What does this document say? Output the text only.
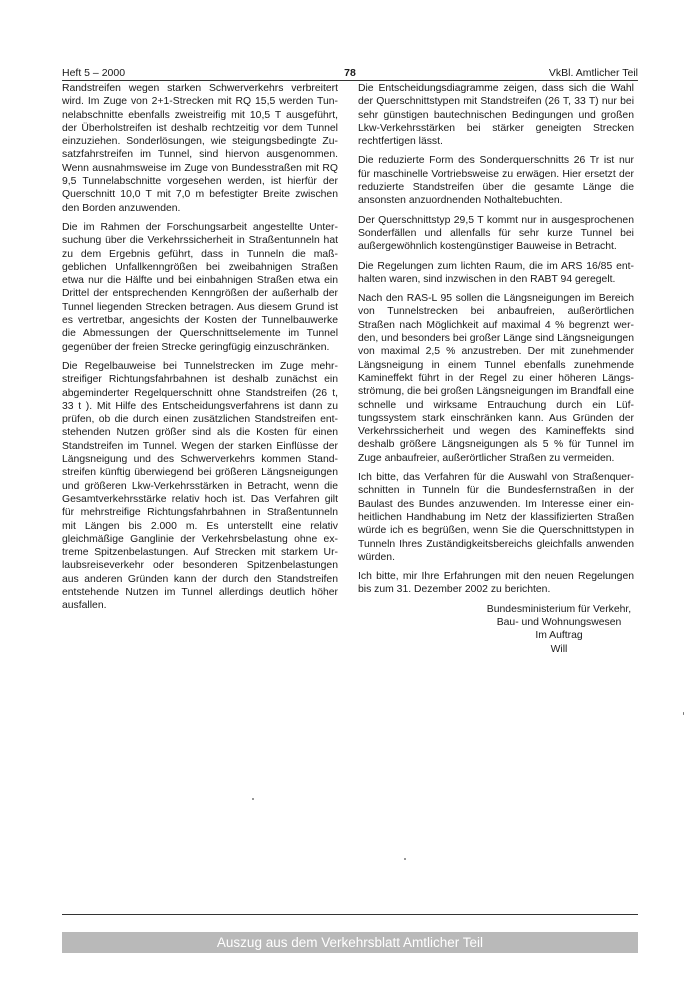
Heft 5 – 2000	78	VkBl. Amtlicher Teil

Randstreifen wegen starken Schwerverkehrs verbreitert wird. Im Zuge von 2+1-Strecken mit RQ 15,5 werden Tunnelabschnitte ebenfalls zweistreifig mit 10,5 T ausgeführt, der Überholstreifen ist deshalb rechtzeitig vor dem Tunnel einzuziehen. Sonderlösungen, wie steigungsbedingte Zusatzfahrstreifen im Tunnel, sind hiervon ausgenommen. Wenn ausnahmsweise im Zuge von Bundesstraßen mit RQ 9,5 Tunnelabschnitte vorgesehen werden, ist hierfür der Querschnitt 10,0 T mit 7,0 m befestigter Breite zwischen den Borden anzuwenden.

Die im Rahmen der Forschungsarbeit angestellte Untersuchung über die Verkehrssicherheit in Straßentunneln hat zu dem Ergebnis geführt, dass in Tunneln die maßgeblichen Unfallkenngrößen bei zweibahnigen Straßen etwa nur die Hälfte und bei einbahnigen Straßen etwa ein Drittel der entsprechenden Kenngrößen der außerhalb der Tunnel liegenden Strecken betragen. Aus diesem Grund ist es vertretbar, angesichts der Kosten der Tunnelbauwerke die Abmessungen der Querschnittselemente im Tunnel gegenüber der freien Strecke geringfügig einzuschränken.

Die Regelbauweise bei Tunnelstrecken im Zuge mehrstreifiger Richtungsfahrbahnen ist deshalb zunächst ein abgeminderter Regelquerschnitt ohne Standstreifen (26 t, 33 t ). Mit Hilfe des Entscheidungsverfahrens ist dann zu prüfen, ob die durch einen zusätzlichen Standstreifen entstehenden Nutzen größer sind als die Kosten für einen Standstreifen im Tunnel. Wegen der starken Einflüsse der Längsneigung und des Schwerverkehrs kommen Standstreifen künftig überwiegend bei größeren Längsneigungen und größeren Lkw-Verkehrsstärken in Betracht, wenn die Gesamtverkehrsstärke relativ hoch ist. Das Verfahren gilt für mehrstreifige Richtungsfahrbahnen in Straßentunneln mit Längen bis 2.000 m. Es unterstellt eine relativ gleichmäßige Ganglinie der Verkehrsbelastung ohne extreme Spitzenbelastungen. Auf Strecken mit starkem Urlaubsreiseverkehr oder besonderen Spitzenbelastungen aus anderen Gründen kann der durch den Standstreifen entstehende Nutzen im Tunnel allerdings deutlich höher ausfallen.

Die Entscheidungsdiagramme zeigen, dass sich die Wahl der Querschnittstypen mit Standstreifen (26 T, 33 T) nur bei sehr günstigen bautechnischen Bedingungen und großen Lkw-Verkehrsstärken bei stärker geneigten Strecken rechtfertigen lässt.

Die reduzierte Form des Sonderquerschnitts 26 Tr ist nur für maschinelle Vortriebsweise zu erwägen. Hier ersetzt der reduzierte Standstreifen über die gesamte Länge die ansonsten anzuordnenden Nothaltebuchten.

Der Querschnittstyp 29,5 T kommt nur in ausgesprochenen Sonderfällen und allenfalls für sehr kurze Tunnel bei außergewöhnlich kostengünstiger Bauweise in Betracht.

Die Regelungen zum lichten Raum, die im ARS 16/85 enthalten waren, sind inzwischen in den RABT 94 geregelt.

Nach den RAS-L 95 sollen die Längsneigungen im Bereich von Tunnelstrecken bei anbaufreien, außerörtlichen Straßen nach Möglichkeit auf maximal 4 % begrenzt werden, und besonders bei großer Länge sind Längsneigungen von maximal 2,5 % anzustreben. Der mit zunehmender Längsneigung in einem Tunnel ebenfalls zunehmende Kamineffekt führt in der Regel zu einer höheren Längsströmung, die bei großen Längsneigungen im Brandfall eine schnelle und wirksame Entrauchung durch ein Lüftungssystem stark einschränken kann. Aus Gründen der Verkehrssicherheit und wegen des Kamineffekts sind deshalb größere Längsneigungen als 5 % für Tunnel im Zuge anbaufreier, außerörtlicher Straßen zu vermeiden.

Ich bitte, das Verfahren für die Auswahl von Straßenquerschnitten in Tunneln für die Bundesfernstraßen in der Baulast des Bundes anzuwenden. Im Interesse einer einheitlichen Handhabung im Netz der klassifizierten Straßen würde ich es begrüßen, wenn Sie die Querschnittstypen in Tunneln Ihres Zuständigkeitsbereichs gleichfalls anwenden würden.

Ich bitte, mir Ihre Erfahrungen mit den neuen Regelungen bis zum 31. Dezember 2002 zu berichten.

Bundesministerium für Verkehr,
Bau- und Wohnungswesen
Im Auftrag
Will
Auszug aus dem Verkehrsblatt Amtlicher Teil
